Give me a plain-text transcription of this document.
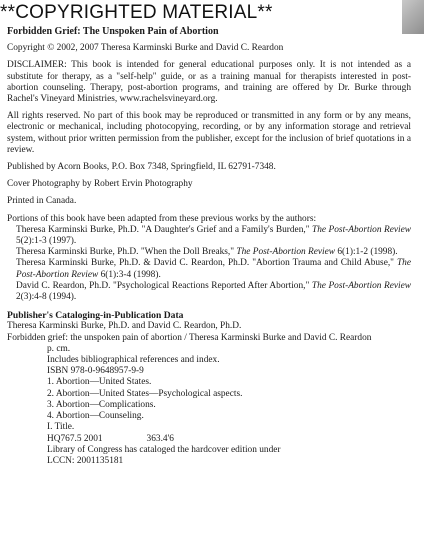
**COPYRIGHTED MATERIAL**

Forbidden Grief: The Unspoken Pain of Abortion

Copyright © 2002, 2007 Theresa Karminski Burke and David C. Reardon

DISCLAIMER: This book is intended for general educational purposes only. It is not intended as a substitute for therapy, as a "self-help" guide, or as a training manual for therapists interested in post-abortion counseling. Therapy, post-abortion programs, and training are offered by Dr. Burke through Rachel's Vineyard Ministries, www.rachelsvineyard.org.

All rights reserved. No part of this book may be reproduced or transmitted in any form or by any means, electronic or mechanical, including photocopying, recording, or by any information storage and retrieval system, without prior written permission from the publisher, except for the inclusion of brief quotations in a review.

Published by Acorn Books, P.O. Box 7348, Springfield, IL 62791-7348.

Cover Photography by Robert Ervin Photography

Printed in Canada.

Portions of this book have been adapted from these previous works by the authors:

Theresa Karminski Burke, Ph.D. "A Daughter's Grief and a Family's Burden," The Post-Abortion Review 5(2):1-3 (1997).

Theresa Karminski Burke, Ph.D. "When the Doll Breaks," The Post-Abortion Review 6(1):1-2 (1998).

Theresa Karminski Burke, Ph.D. & David C. Reardon, Ph.D. "Abortion Trauma and Child Abuse," The Post-Abortion Review 6(1):3-4 (1998).

David C. Reardon, Ph.D. "Psychological Reactions Reported After Abortion," The Post-Abortion Review 2(3):4-8 (1994).

Publisher's Cataloging-in-Publication Data

Theresa Karminski Burke, Ph.D. and David C. Reardon, Ph.D.

Forbidden grief: the unspoken pain of abortion / Theresa Karminski Burke and David C. Reardon

p. cm.

Includes bibliographical references and index.

ISBN 978-0-9648957-9-9

1. Abortion—United States.

2. Abortion—United States—Psychological aspects.

3. Abortion—Complications.

4. Abortion—Counseling.

I. Title.

HQ767.5 2001	363.4'6

Library of Congress has cataloged the hardcover edition under

LCCN: 2001135181
